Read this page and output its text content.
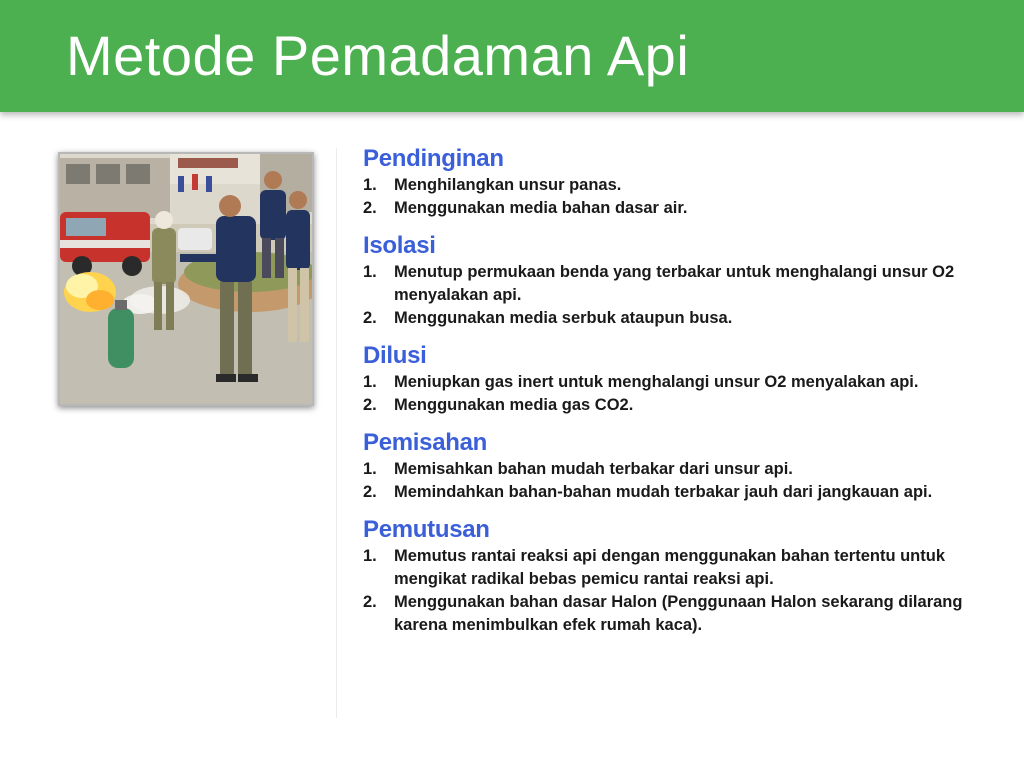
Metode Pemadaman Api
Pendinginan
1. Menghilangkan unsur panas.
2. Menggunakan media bahan dasar air.
Isolasi
1. Menutup permukaan benda yang terbakar untuk menghalangi unsur O2 menyalakan api.
2. Menggunakan media serbuk ataupun busa.
Dilusi
1. Meniupkan gas inert untuk menghalangi unsur O2 menyalakan api.
2. Menggunakan media gas CO2.
Pemisahan
1. Memisahkan bahan mudah terbakar dari unsur api.
2. Memindahkan bahan-bahan mudah terbakar jauh dari jangkauan api.
Pemutusan
1. Memutus rantai reaksi api dengan menggunakan bahan tertentu untuk mengikat radikal bebas pemicu rantai reaksi api.
2. Menggunakan bahan dasar Halon (Penggunaan Halon sekarang dilarang karena menimbulkan efek rumah kaca).
